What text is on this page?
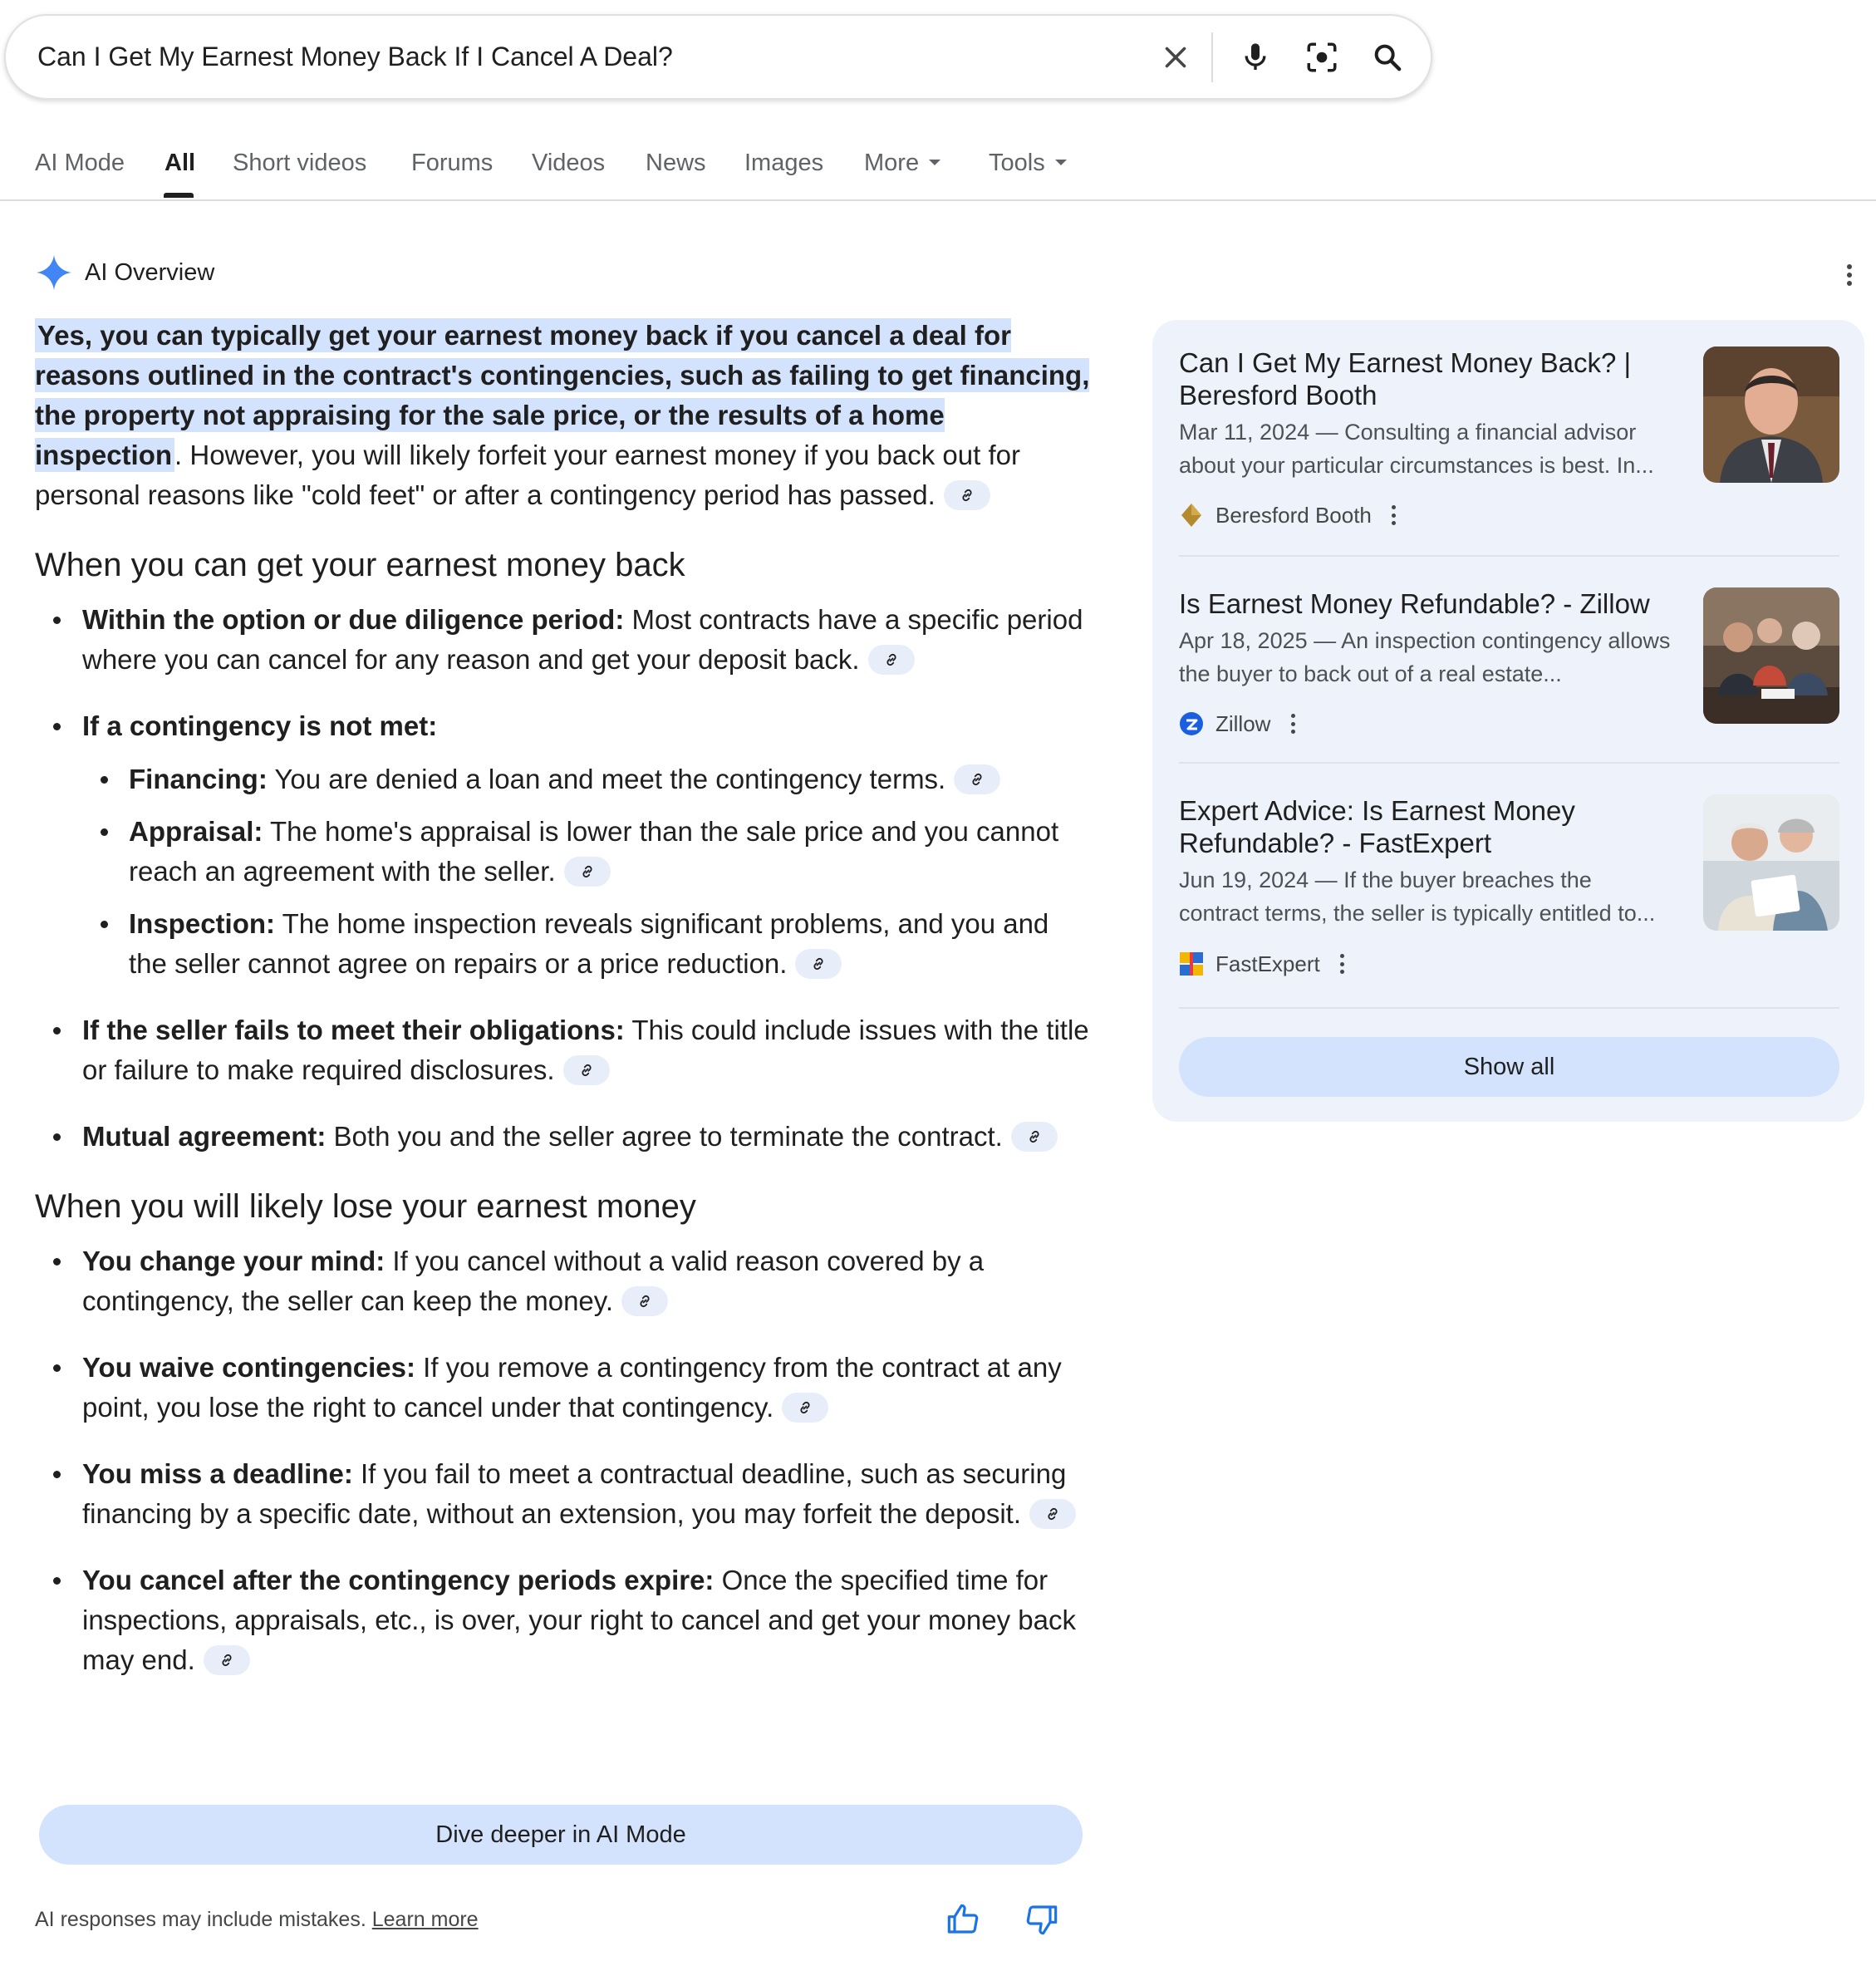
Can I Get My Earnest Money Back If I Cancel A Deal?
AI Mode All Short videos Forums Videos News Images More	Tools
AI Overview

Yes, you can typically get your earnest money back if you cancel a deal for reasons outlined in the contract's contingencies, such as failing to get financing, the property not appraising for the sale price, or the results of a home inspection. However, you will likely forfeit your earnest money if you back out for personal reasons like "cold feet" or after a contingency period has passed.

When you can get your earnest money back
Within the option or due diligence period: Most contracts have a specific period where you can cancel for any reason and get your deposit back.
If a contingency is not met:
Financing: You are denied a loan and meet the contingency terms.
Appraisal: The home's appraisal is lower than the sale price and you cannot reach an agreement with the seller.
Inspection: The home inspection reveals significant problems, and you and the seller cannot agree on repairs or a price reduction.
If the seller fails to meet their obligations: This could include issues with the title or failure to make required disclosures.
Mutual agreement: Both you and the seller agree to terminate the contract.
When you will likely lose your earnest money
You change your mind: If you cancel without a valid reason covered by a contingency, the seller can keep the money.
You waive contingencies: If you remove a contingency from the contract at any point, you lose the right to cancel under that contingency.
You miss a deadline: If you fail to meet a contractual deadline, such as securing financing by a specific date, without an extension, you may forfeit the deposit.
You cancel after the contingency periods expire: Once the specified time for inspections, appraisals, etc., is over, your right to cancel and get your money back may end.
Dive deeper in AI Mode
AI responses may include mistakes. Learn more
Can I Get My Earnest Money Back? | Beresford Booth
Mar 11, 2024 — Consulting a financial advisor about your particular circumstances is best. In...
Beresford Booth
Is Earnest Money Refundable? - Zillow
Apr 18, 2025 — An inspection contingency allows the buyer to back out of a real estate...
Zillow
Expert Advice: Is Earnest Money Refundable? - FastExpert
Jun 19, 2024 — If the buyer breaches the contract terms, the seller is typically entitled to...
FastExpert
Show all
